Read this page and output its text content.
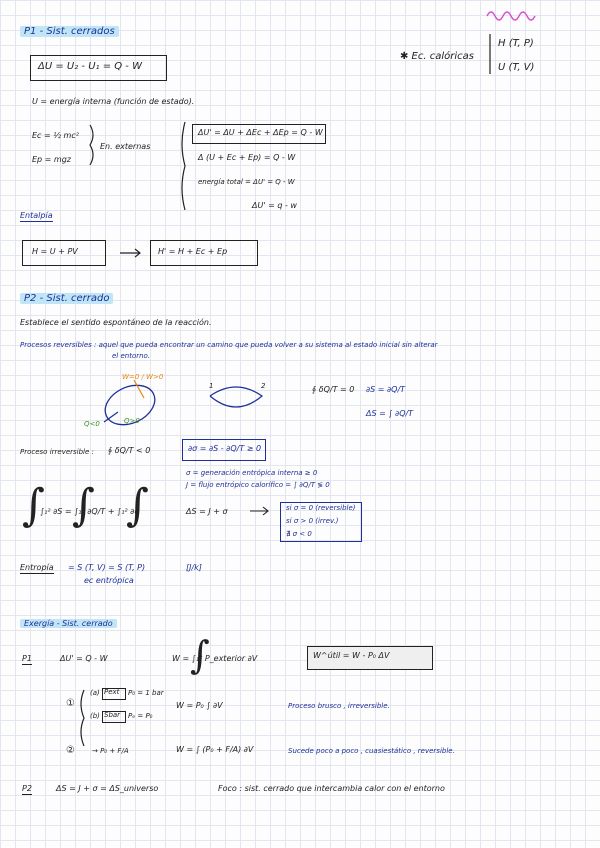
∫ ∫ ∫
∫
P1 - Sist. cerrados
ΔU = U₂ - U₁ = Q - W
✱ Ec. calóricas
H (T, P)
U (T, V)
U = energía interna (función de estado).
Ec = ½ mc²
Ep = mgz
En. externas
ΔU' = ΔU + ΔEc + ΔEp = Q - W
Δ (U + Ec + Ep) = Q - W
energía total = ΔU' = Q - W
ΔU' = q - w
Entalpía
H = U + PV	H' = H + Ec + Ep
P2 - Sist. cerrado
Establece el sentido espontáneo de la reacción.
Procesos reversibles : aquel que pueda encontrar un camino que pueda volver a su sistema al estado inicial sin alterar
el entorno.
W=0 / W>0
Q<0	Q>0
1	2	∮ δQ/T = 0 ∂S = ∂Q/T
ΔS = ∫ ∂Q/T
Proceso irreversible : ∮ δQ/T < 0	∂σ = ∂S - ∂Q/T ≥ 0
σ = generación entrópica interna ≥ 0
J = flujo entrópico calorífico = ∫ ∂Q/T ≶ 0
∫₁² ∂S = ∫₁² ∂Q/T + ∫₁² ∂σ	ΔS = J + σ	si σ = 0 (reversible)
si σ > 0 (irrev.)
∄ σ < 0
Entropía = S (T, V) = S (T, P)	[J/k]
ec entrópica
Exergía - Sist. cerrado
P1	ΔU' = Q - W	W = ∫₁² P_exterior ∂V	W^útil = W - P₀ ΔV
①
(a) Pext P₀ = 1 bar
(b) Sbar Pₑ = P₀
W = P₀ ∫ ∂V	Proceso brusco , irreversible.
② → P₀ + F/A	W = ∫ (P₀ + F/A) ∂V	Sucede poco a poco , cuasiestático , reversible.
P2	ΔS = J + σ = ΔS_universo	Foco : sist. cerrado que intercambia calor con el entorno
